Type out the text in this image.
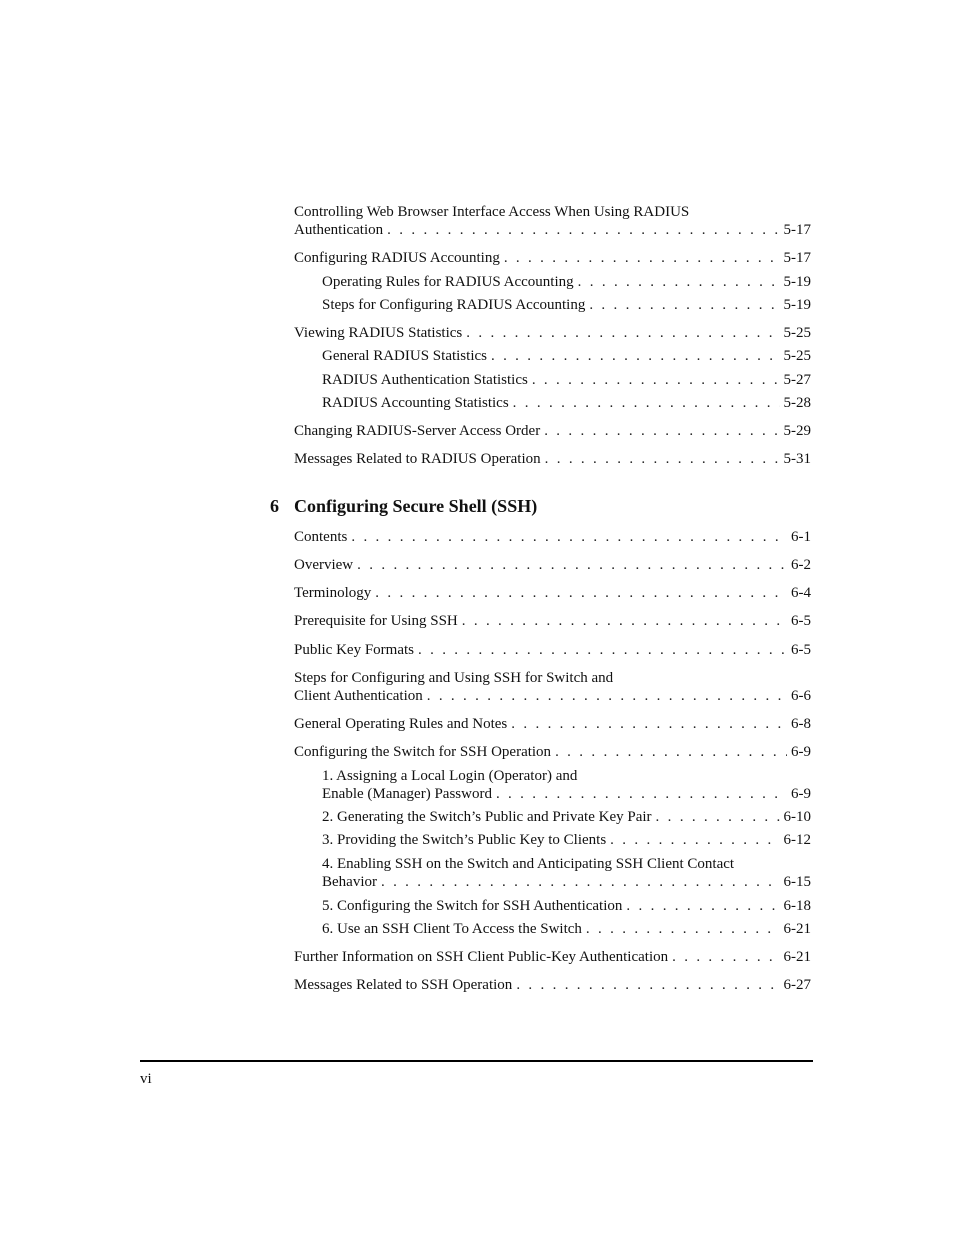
Controlling Web Browser Interface Access When Using RADIUS
Authentication . . .	5-17
Configuring RADIUS Accounting . . .	5-17
Operating Rules for RADIUS Accounting . . .	5-19
Steps for Configuring RADIUS Accounting . . .	5-19
Viewing RADIUS Statistics . . .	5-25
General RADIUS Statistics . . .	5-25
RADIUS Authentication Statistics . . .	5-27
RADIUS Accounting Statistics . . .	5-28
Changing RADIUS-Server Access Order . . .	5-29
Messages Related to RADIUS Operation . . .	5-31
6 Configuring Secure Shell (SSH)
Contents . . .	6-1
Overview . . .	6-2
Terminology . . .	6-4
Prerequisite for Using SSH . . .	6-5
Public Key Formats . . .	6-5
Steps for Configuring and Using SSH for Switch and
Client Authentication . . .	6-6
General Operating Rules and Notes . . .	6-8
Configuring the Switch for SSH Operation . . .	6-9
1. Assigning a Local Login (Operator) and
Enable (Manager) Password . . .	6-9
2. Generating the Switch’s Public and Private Key Pair . . .	6-10
3. Providing the Switch’s Public Key to Clients . . .	6-12
4. Enabling SSH on the Switch and Anticipating SSH Client Contact
Behavior . . .	6-15
5. Configuring the Switch for SSH Authentication . . .	6-18
6. Use an SSH Client To Access the Switch . . .	6-21
Further Information on SSH Client Public-Key Authentication . . .	6-21
Messages Related to SSH Operation . . .	6-27
vi
